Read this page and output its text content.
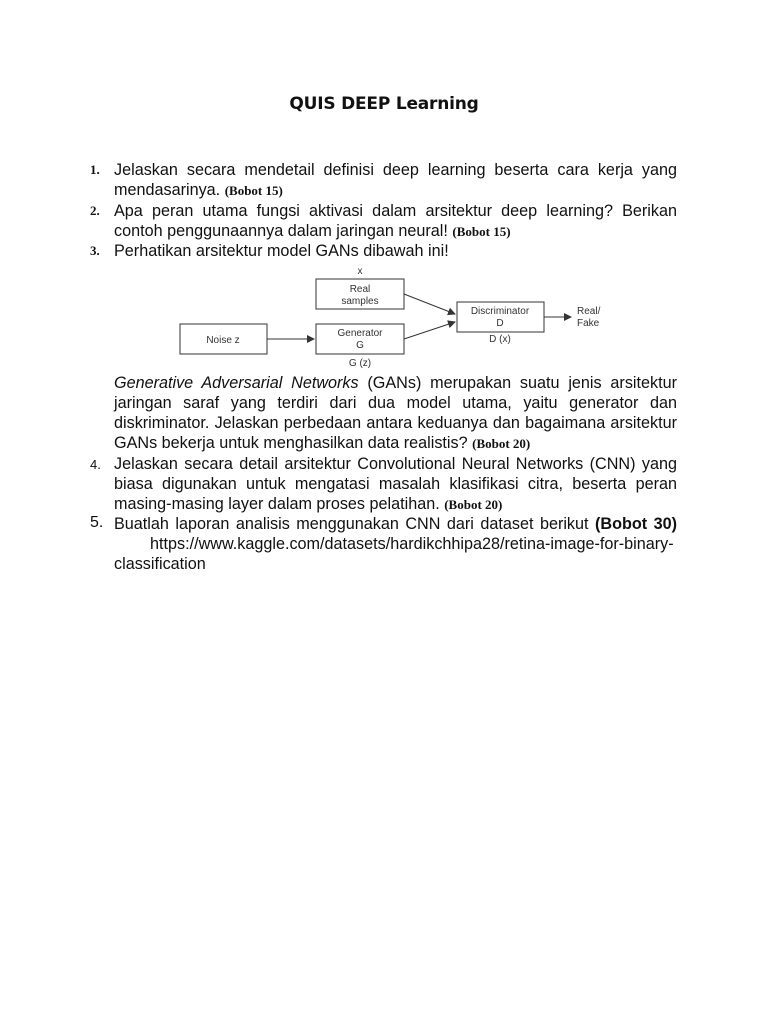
QUIS DEEP Learning
1. Jelaskan secara mendetail definisi deep learning beserta cara kerja yang mendasarinya. (Bobot 15)
2. Apa peran utama fungsi aktivasi dalam arsitektur deep learning? Berikan contoh penggunaannya dalam jaringan neural! (Bobot 15)
3. Perhatikan arsitektur model GANs dibawah ini!
x
Real
samples
Noise z
Generator
G
G (z)
Discriminator
D
D (x)
Real/
Fake
Generative Adversarial Networks (GANs) merupakan suatu jenis arsitektur jaringan saraf yang terdiri dari dua model utama, yaitu generator dan diskriminator. Jelaskan perbedaan antara keduanya dan bagaimana arsitektur GANs bekerja untuk menghasilkan data realistis? (Bobot 20)
4. Jelaskan secara detail arsitektur Convolutional Neural Networks (CNN) yang biasa digunakan untuk mengatasi masalah klasifikasi citra, beserta peran masing-masing layer dalam proses pelatihan. (Bobot 20)
5. Buatlah laporan analisis menggunakan CNN dari dataset berikut (Bobot 30) https://www.kaggle.com/datasets/hardikchhipa28/retina-image-for-binary-classification
